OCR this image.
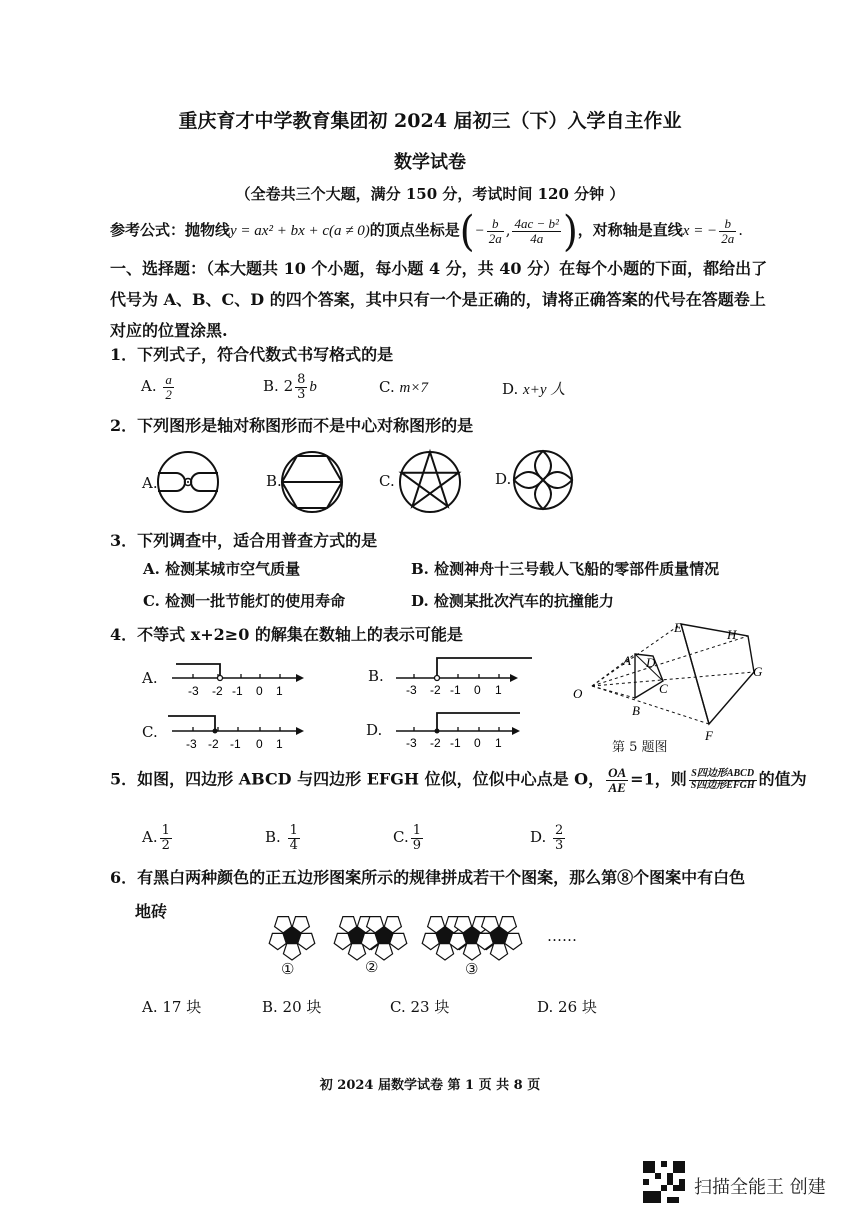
重庆育才中学教育集团初 2024 届初三（下）入学自主作业
数学试卷
（全卷共三个大题，满分 150 分，考试时间 120 分钟 ）
参考公式：抛物线y = ax² + bx + c(a ≠ 0)的顶点坐标是(− $\frac{b}{2a}$ , $\frac{\text{4ac − b²}}{4a}$ )，对称轴是直线x = − $\frac{b}{2a}$ .
一、选择题：（本大题共 10 个小题，每小题 4 分，共 40 分）在每个小题的下面，都给出了
代号为 A、B、C、D 的四个答案，其中只有一个是正确的，请将正确答案的代号在答题卷上
对应的位置涂黑.
1．下列式子，符合代数式书写格式的是
A. $\frac{a}{2}$	B. $2 \frac{8}{3}$ b	C. m×7	D. x+y 人
2．下列图形是轴对称图形而不是中心对称图形的是
A.	B.	C.	D.
3．下列调查中，适合用普查方式的是
A. 检测某城市空气质量	B. 检测神舟十三号载人飞船的零部件质量情况
C. 检测一批节能灯的使用寿命	D. 检测某批次汽车的抗撞能力
4．不等式 x+2≥0 的解集在数轴上的表示可能是
A.	B.
C.	D.
-3 -2 -1 0 1	-3 -2 -1 0 1
-3 -2 -1 0 1	-3 -2 -1 0 1
E	H
A D
G
O	C
B
F
第 5 题图
5．如图，四边形 ABCD 与四边形 EFGH 位似，位似中心点是 O， $\frac{OA}{AE} =1$，则 $\frac{\text{S四边形ABCD}}{\text{S四边形EFGH}}$ 的值为
A. $\frac{1}{2}$	B. $\frac{1}{4}$	C. $\frac{1}{9}$	D. $\frac{2}{3}$
6．有黑白两种颜色的正五边形图案所示的规律拼成若干个图案，那么第⑧个图案中有白色
地砖
①	②	③
……
A. 17 块	B. 20 块	C. 23 块	D. 26 块
初 2024 届数学试卷 第 1 页 共 8 页
扫描全能王 创建
